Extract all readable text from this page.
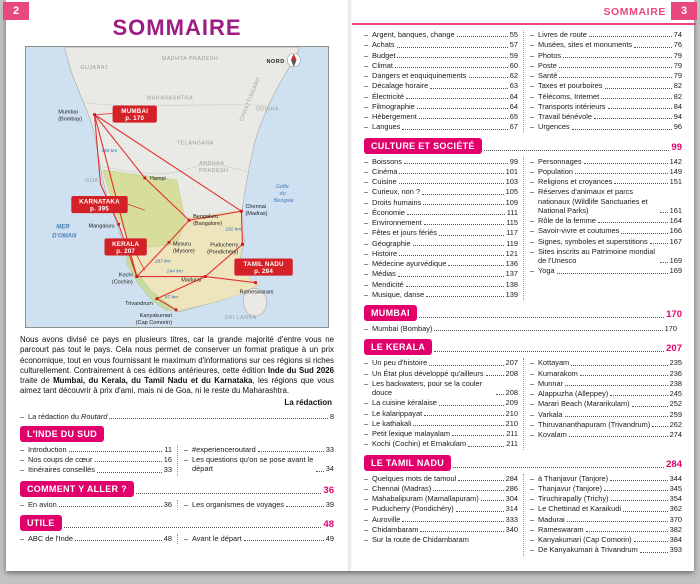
2	3
SOMMAIRE
SOMMAIRE
GUJARAT
MADHYA PRADESH
CHHATTISGARH
ODISHA
MAHARASHTRA
TELANGANA
ANDHRA
PRADESH
GOA
SRI LANKA
MER
D'OMAN
Golfe
du
Bengale
Mumbai
(Bombay)
Hampi
Bengaluru
(Bangalore)
Chennai
(Madras)
Mangaluru
Mysuru
(Mysore)
Puducherry
(Pondichéry)
Kochi
(Cochin)	Madurai
Rameswaram
Trivandrum
Kanyakumari
(Cap Comorin)
355 km
287 km
192 km
244 km
87 km
MUMBAI
p. 170
KARNATAKA
p. 395
KERALA
p. 207
TAMIL NADU
p. 284
NORD

Nous avons divisé ce pays en plusieurs titres, car la grande majorité d'entre vous ne parcourt pas tout le pays. Cela nous permet de conserver un format pratique à un prix économique, tout en vous fournissant le maximum d'informations sur ces régions si riches culturellement. Contrairement à ces éditions antérieures, cette édition Inde du Sud 2026 traite de Mumbai, du Kerala, du Tamil Nadu et du Karnataka, les régions que vous aimez tant découvrir à prix d'ami, mais ni de Goa, ni le reste du Maharashtra.

La rédaction
– La rédaction du Routard	8
L'INDE DU SUD
– Introduction	11
– Nos coups de cœur	16
– Itinéraires conseillés	33
– #experienceroutard	33
– Les questions qu'on se pose avant le départ	34
COMMENT Y ALLER ?	36
– En avion	36	– Les organismes de voyages	39
UTILE	48
– ABC de l'Inde	48	– Avant le départ	49
– Argent, banques, change	55
– Achats	57
– Budget	59
– Climat	60
– Dangers et enquiquinements	62
– Décalage horaire	63
– Électricité	64
– Filmographie	64
– Hébergement	65
– Langues	67
– Livres de route	74
– Musées, sites et monuments	76
– Photos	79
– Poste	79
– Santé	79
– Taxes et pourboires	82
– Télécoms, Internet	82
– Transports intérieurs	84
– Travail bénévole	94
– Urgences	96
CULTURE ET SOCIÉTÉ	99
– Boissons	99
– Cinéma	101
– Cuisine	103
– Curieux, non ?	105
– Droits humains	109
– Économie	111
– Environnement	115
– Fêtes et jours fériés	117
– Géographie	119
– Histoire	121
– Médecine ayurvédique	136
– Médias	137
– Mendicité	138
– Musique, danse	139
– Personnages	142
– Population	149
– Religions et croyances	151
– Réserves d'animaux et parcs nationaux (Wildlife Sanctuaries et National Parks)	161
– Rôle de la femme	164
– Savoir-vivre et coutumes	166
– Signes, symboles et superstitions	167
– Sites inscrits au Patrimoine mondial de l'Unesco	169
– Yoga	169
MUMBAI	170
– Mumbai (Bombay)	170
LE KERALA	207
– Un peu d'histoire	207
– Un État plus développé qu'ailleurs	208
– Les backwaters, pour se la couler douce	208
– La cuisine kéralaise	209
– Le kalarippayat	210
– Le kathakali	210
– Petit lexique malayalam	211
– Kochi (Cochin) et Ernakulam	211
– Kottayam	235
– Kumarakom	236
– Munnar	238
– Alappuzha (Alleppey)	245
– Marari Beach (Mararikulam)	252
– Varkala	259
– Thiruvananthapuram (Trivandrum)	262
– Kovalam	274
LE TAMIL NADU	284
– Quelques mots de tamoul	284
– Chennai (Madras)	286
– Mahabalipuram (Mamallapuram)	304
– Puducherry (Pondichéry)	314
– Auroville	333
– Chidambaram	340
– Sur la route de Chidambaram
– à Thanjavur (Tanjore)	344
– Thanjavur (Tanjore)	345
– Tiruchirapally (Trichy)	354
– Le Chettinad et Karaikudi	362
– Madurai	370
– Rameswaram	382
– Kanyakumari (Cap Comorin)	384
– De Kanyakumari à Trivandrum	393
